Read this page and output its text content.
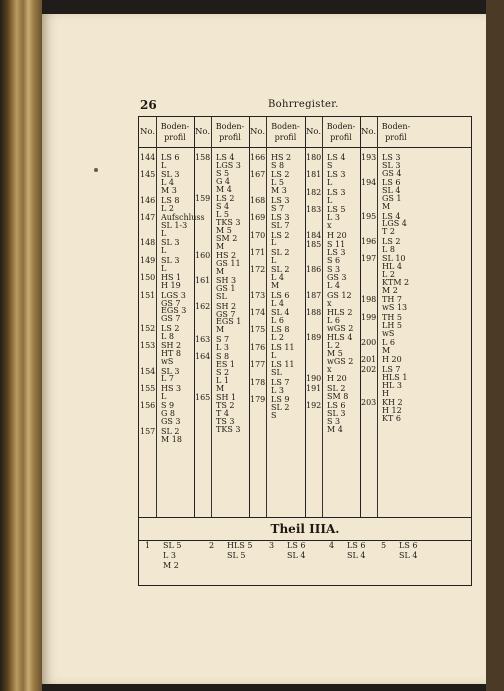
26	Bohrregister.
No. Boden-
profil
No. Boden-
profil
No. Boden-
profil
No. Boden-
profil
No. Boden-
profil
144 LS 6
L
145 SL 3
L 4
M 3
146 LS 8
L 2
147 Aufschluss
SL 1-3
L
148 SL 3
L
149 SL 3
L
150 HS 1
H 19
151 LGS 3
GS 7
EGS 3
GS 7
152 LS 2
L 8
153 SH 2
HT 8
wS
154 SL 3
L 7
155 HS 3
L
156 S 9
G 8
GS 3
157 SL 2
M 18
158 LS 4
LGS 3
S 5
G 4
M 4
159 LS 2
S 4
L 5
TKS 3
M 5
SM 2
M
160 HS 2
GS 11
M
161 SH 3
GS 1
SL
162 SH 2
GS 7
EGS 1
M
163 S 7
L 3
164 S 8
ES 1
S 2
L 1
M
165 SH 1
TS 2
T 4
TS 3
TKS 3
166 HS 2
S 8
167 LS 2
L 5
M 3
168 LS 3
S 7
169 LS 3
SL 7
170 LS 2
L
171 SL 2
L
172 SL 2
L 4
M
173 LS 6
L 4
174 SL 4
L 6
175 LS 8
L 2
176 LS 11
L
177 LS 11
SL
178 LS 7
L 3
179 LS 9
SL 2
S
180 LS 4
S
181 LS 3
L
182 LS 3
L
183 LS 5
L 3
x
184 H 20
185 S 11
LS 3
S 6
186 S 3
GS 3
L 4
187 GS 12
x
188 HLS 2
L 6
wGS 2
189 HLS 4
L 2
M 5
wGS 2
x
190 H 20
191 SL 2
SM 8
192 LS 6
SL 3
S 3
M 4
193 LS 3
SL 3
GS 4
194 LS 6
SL 4
GS 1
M
195 LS 4
LGS 4
T 2
196 LS 2
L 8
197 SL 10
HL 4
L 2
KTM 2
M 2
198 TH 7
wS 13
199 TH 5
LH 5
wS
200 L 6
M
201 H 20
202 LS 7
HLS 1
HL 3
H
203 KH 2
H 12
KT 6
Theil IIIA.
1 SL 5
L 3
M 2
2 HLS 5
SL 5
3 LS 6
SL 4
4 LS 6
SL 4
5 LS 6
SL 4
